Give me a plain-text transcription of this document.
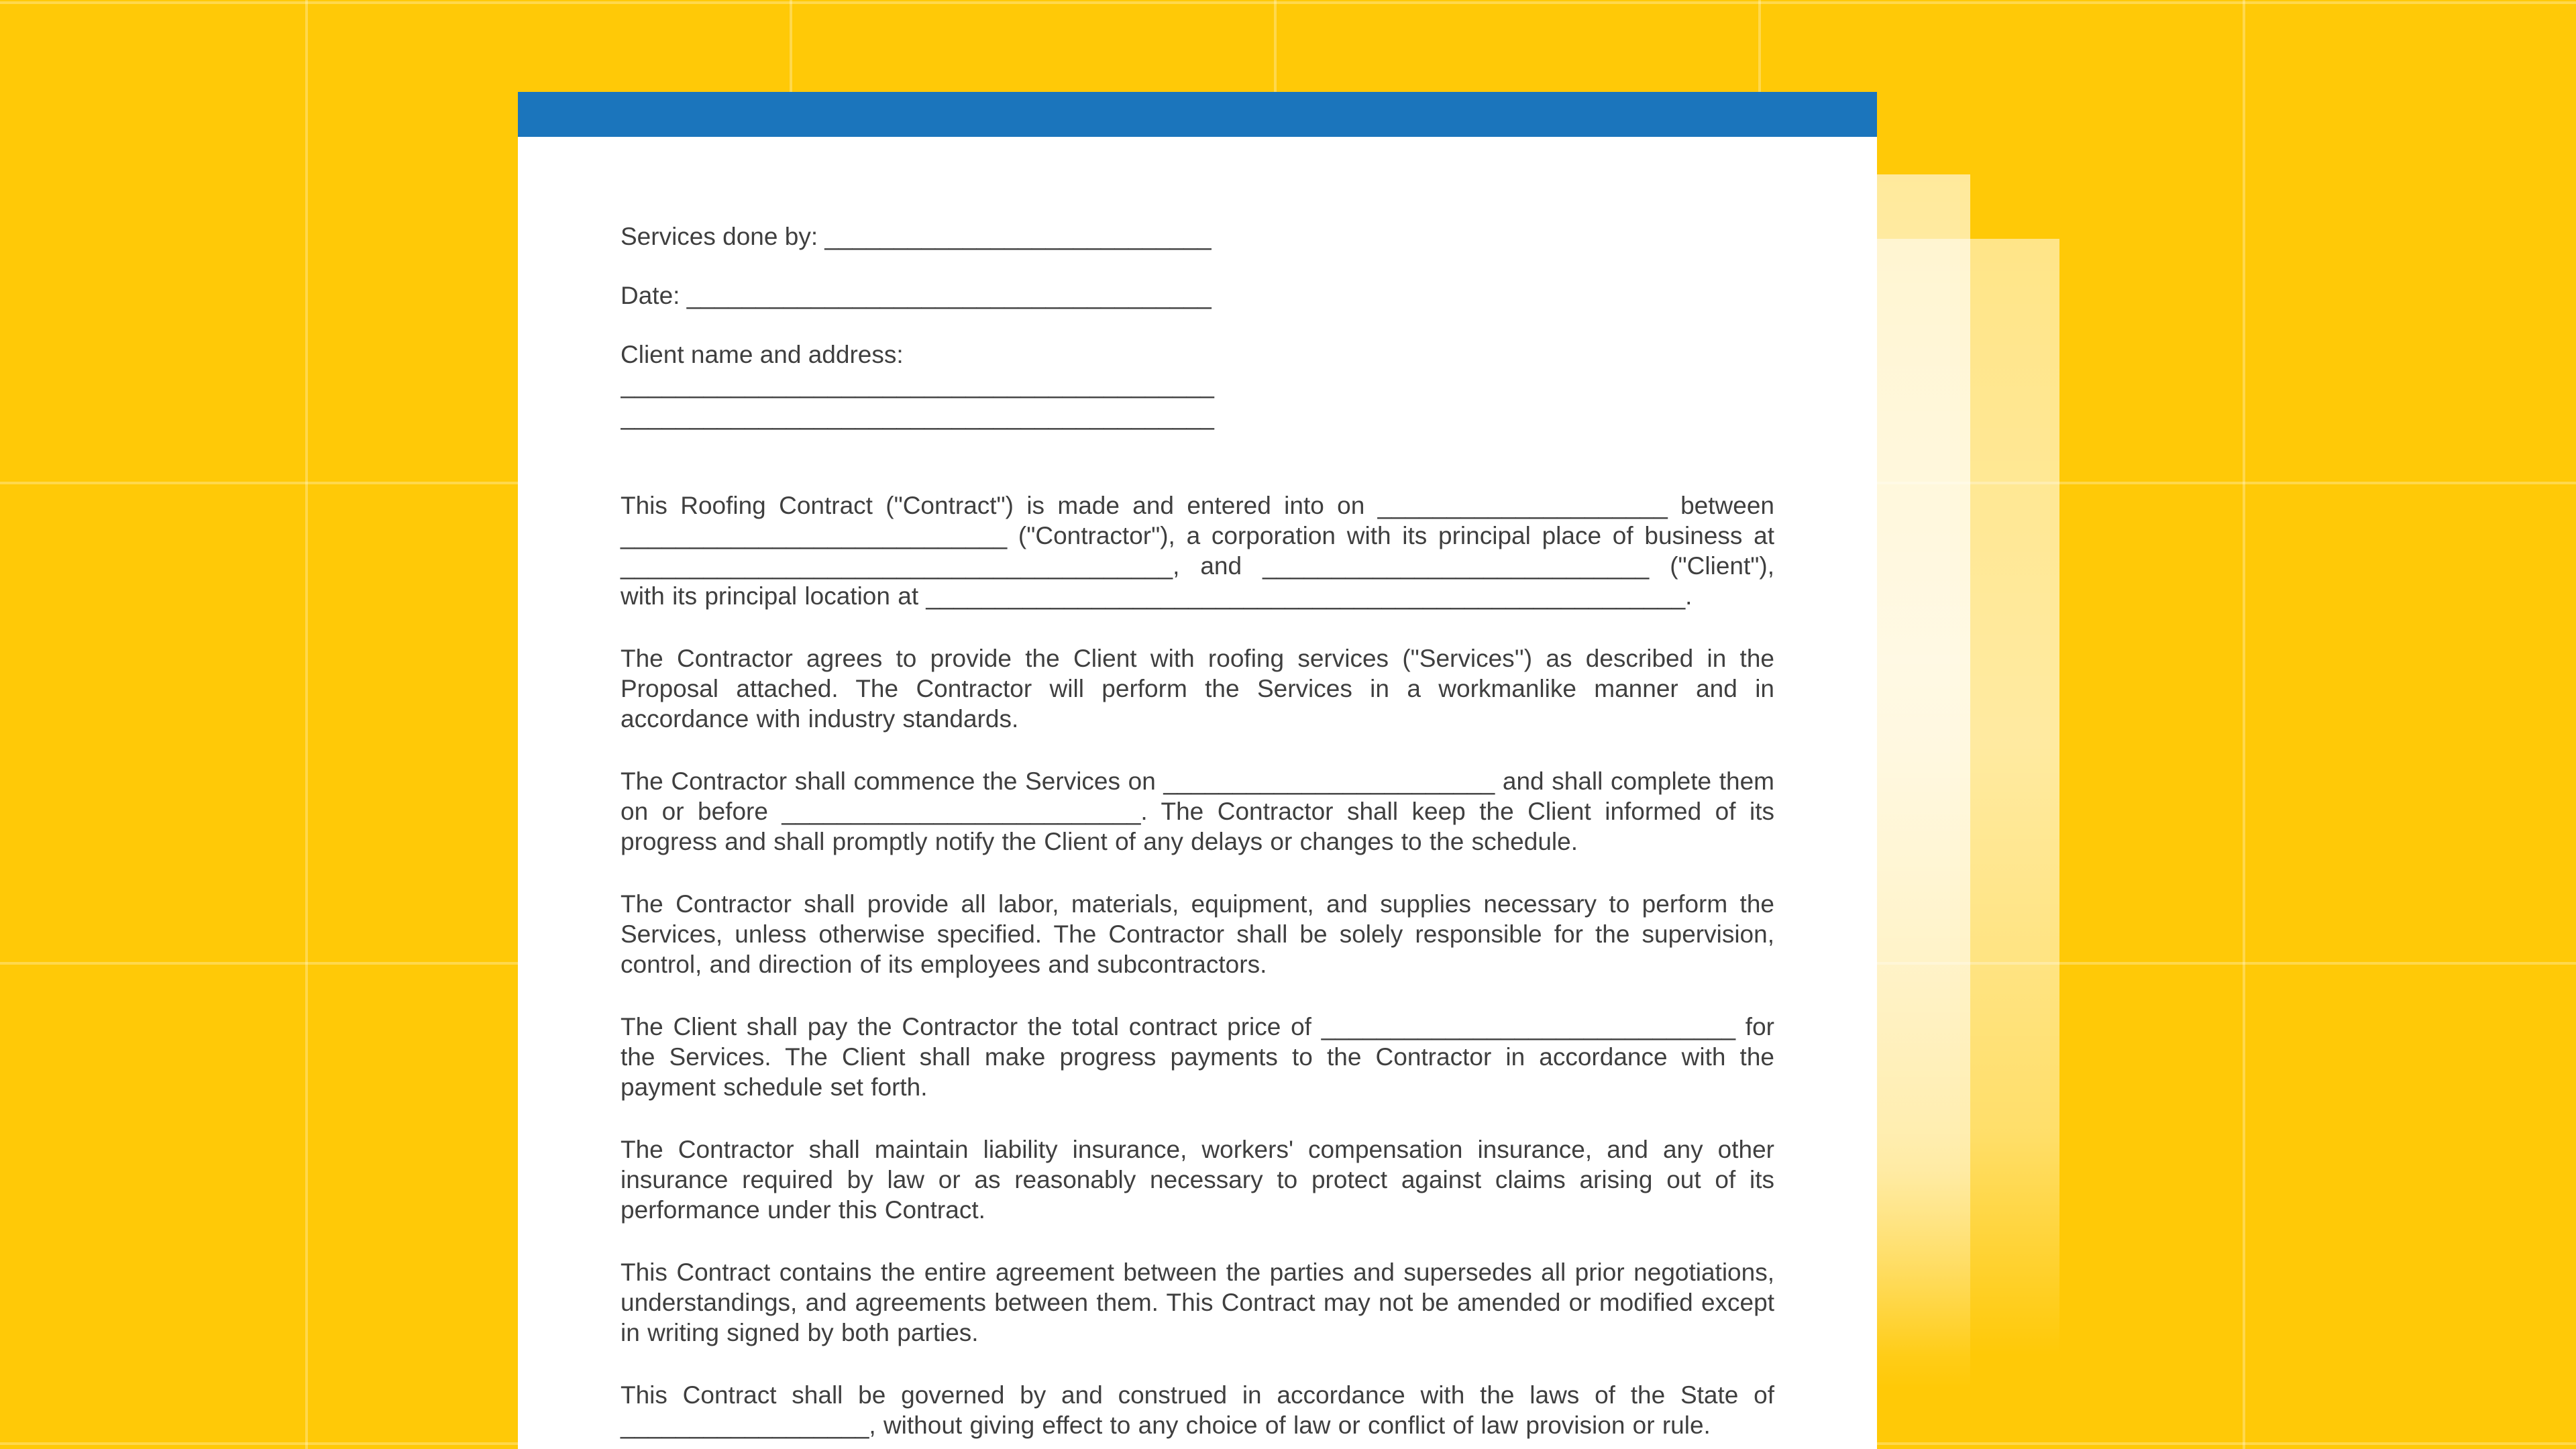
Services done by: ____________________________

Date: ______________________________________

Client name and address:

___________________________________________

___________________________________________

This Roofing Contract ("Contract") is made and entered into on _____________________ between ____________________________ ("Contractor"), a corporation with its principal place of business at ________________________________________, and ____________________________ ("Client"), with its principal location at _______________________________________________________.

The Contractor agrees to provide the Client with roofing services ("Services'') as described in the Proposal attached. The Contractor will perform the Services in a workmanlike manner and in accordance with industry standards.

The Contractor shall commence the Services on ________________________ and shall complete them on or before __________________________. The Contractor shall keep the Client informed of its progress and shall promptly notify the Client of any delays or changes to the schedule.

The Contractor shall provide all labor, materials, equipment, and supplies necessary to perform the Services, unless otherwise specified. The Contractor shall be solely responsible for the supervision, control, and direction of its employees and subcontractors.

The Client shall pay the Contractor the total contract price of ______________________________ for the Services. The Client shall make progress payments to the Contractor in accordance with the payment schedule set forth.

The Contractor shall maintain liability insurance, workers' compensation insurance, and any other insurance required by law or as reasonably necessary to protect against claims arising out of its performance under this Contract.

This Contract contains the entire agreement between the parties and supersedes all prior negotiations, understandings, and agreements between them. This Contract may not be amended or modified except in writing signed by both parties.

This Contract shall be governed by and construed in accordance with the laws of the State of __________________, without giving effect to any choice of law or conflict of law provision or rule.
